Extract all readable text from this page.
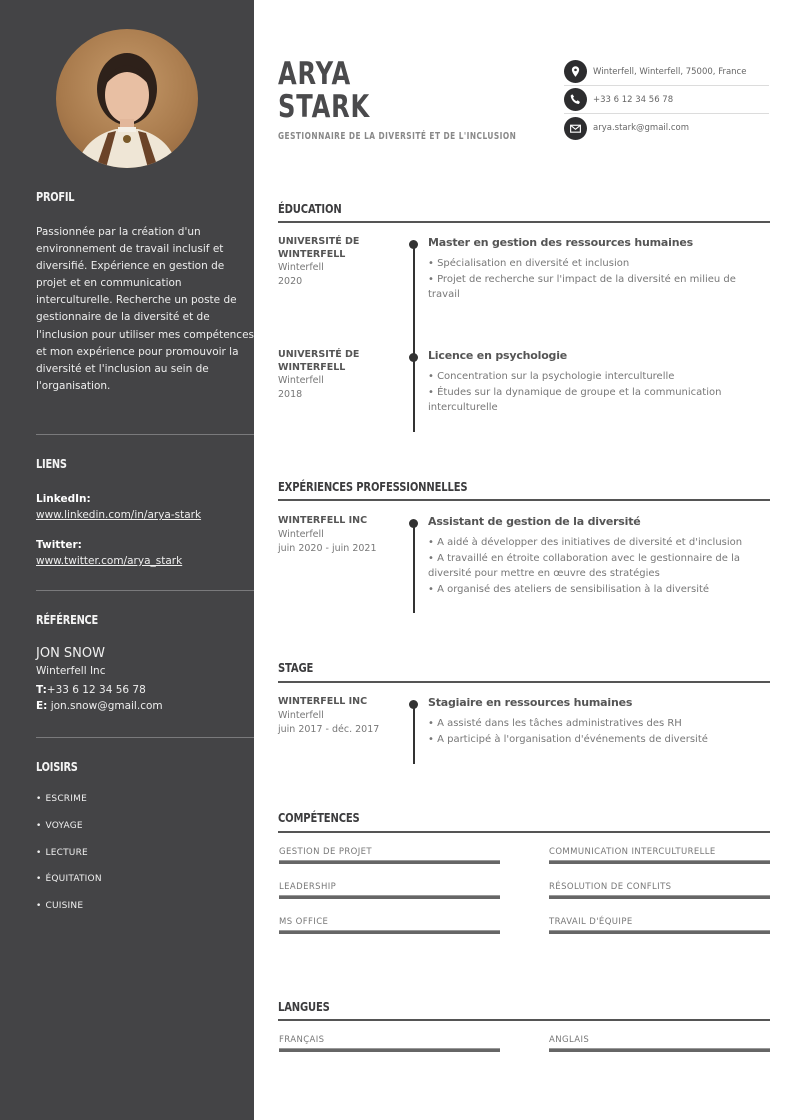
PROFIL

Passionnée par la création d'un environnement de travail inclusif et diversifié. Expérience en gestion de projet et en communication interculturelle. Recherche un poste de gestionnaire de la diversité et de l'inclusion pour utiliser mes compétences et mon expérience pour promouvoir la diversité et l'inclusion au sein de l'organisation.

LIENS
LinkedIn:
www.linkedin.com/in/arya-stark
Twitter:
www.twitter.com/arya_stark
RÉFÉRENCE
JON SNOW
Winterfell Inc
T:+33 6 12 34 56 78
E: jon.snow@gmail.com
LOISIRS
• ESCRIME
• VOYAGE
• LECTURE
• ÉQUITATION
• CUISINE
ARYA
STARK
GESTIONNAIRE DE LA DIVERSITÉ ET DE L'INCLUSION
Winterfell, Winterfell, 75000, France
+33 6 12 34 56 78
arya.stark@gmail.com
ÉDUCATION
UNIVERSITÉ DE WINTERFELL
Winterfell
2020
Master en gestion des ressources humaines
• Spécialisation en diversité et inclusion
• Projet de recherche sur l'impact de la diversité en milieu de travail
UNIVERSITÉ DE WINTERFELL
Winterfell
2018
Licence en psychologie
• Concentration sur la psychologie interculturelle
• Études sur la dynamique de groupe et la communication interculturelle
EXPÉRIENCES PROFESSIONNELLES
WINTERFELL INC
Winterfell
juin 2020 - juin 2021
Assistant de gestion de la diversité
• A aidé à développer des initiatives de diversité et d'inclusion
• A travaillé en étroite collaboration avec le gestionnaire de la diversité pour mettre en œuvre des stratégies
• A organisé des ateliers de sensibilisation à la diversité
STAGE
WINTERFELL INC
Winterfell
juin 2017 - déc. 2017
Stagiaire en ressources humaines
• A assisté dans les tâches administratives des RH
• A participé à l'organisation d'événements de diversité
COMPÉTENCES
GESTION DE PROJET	COMMUNICATION INTERCULTURELLE
LEADERSHIP	RÉSOLUTION DE CONFLITS
MS OFFICE	TRAVAIL D'ÉQUIPE
LANGUES
FRANÇAIS	ANGLAIS
